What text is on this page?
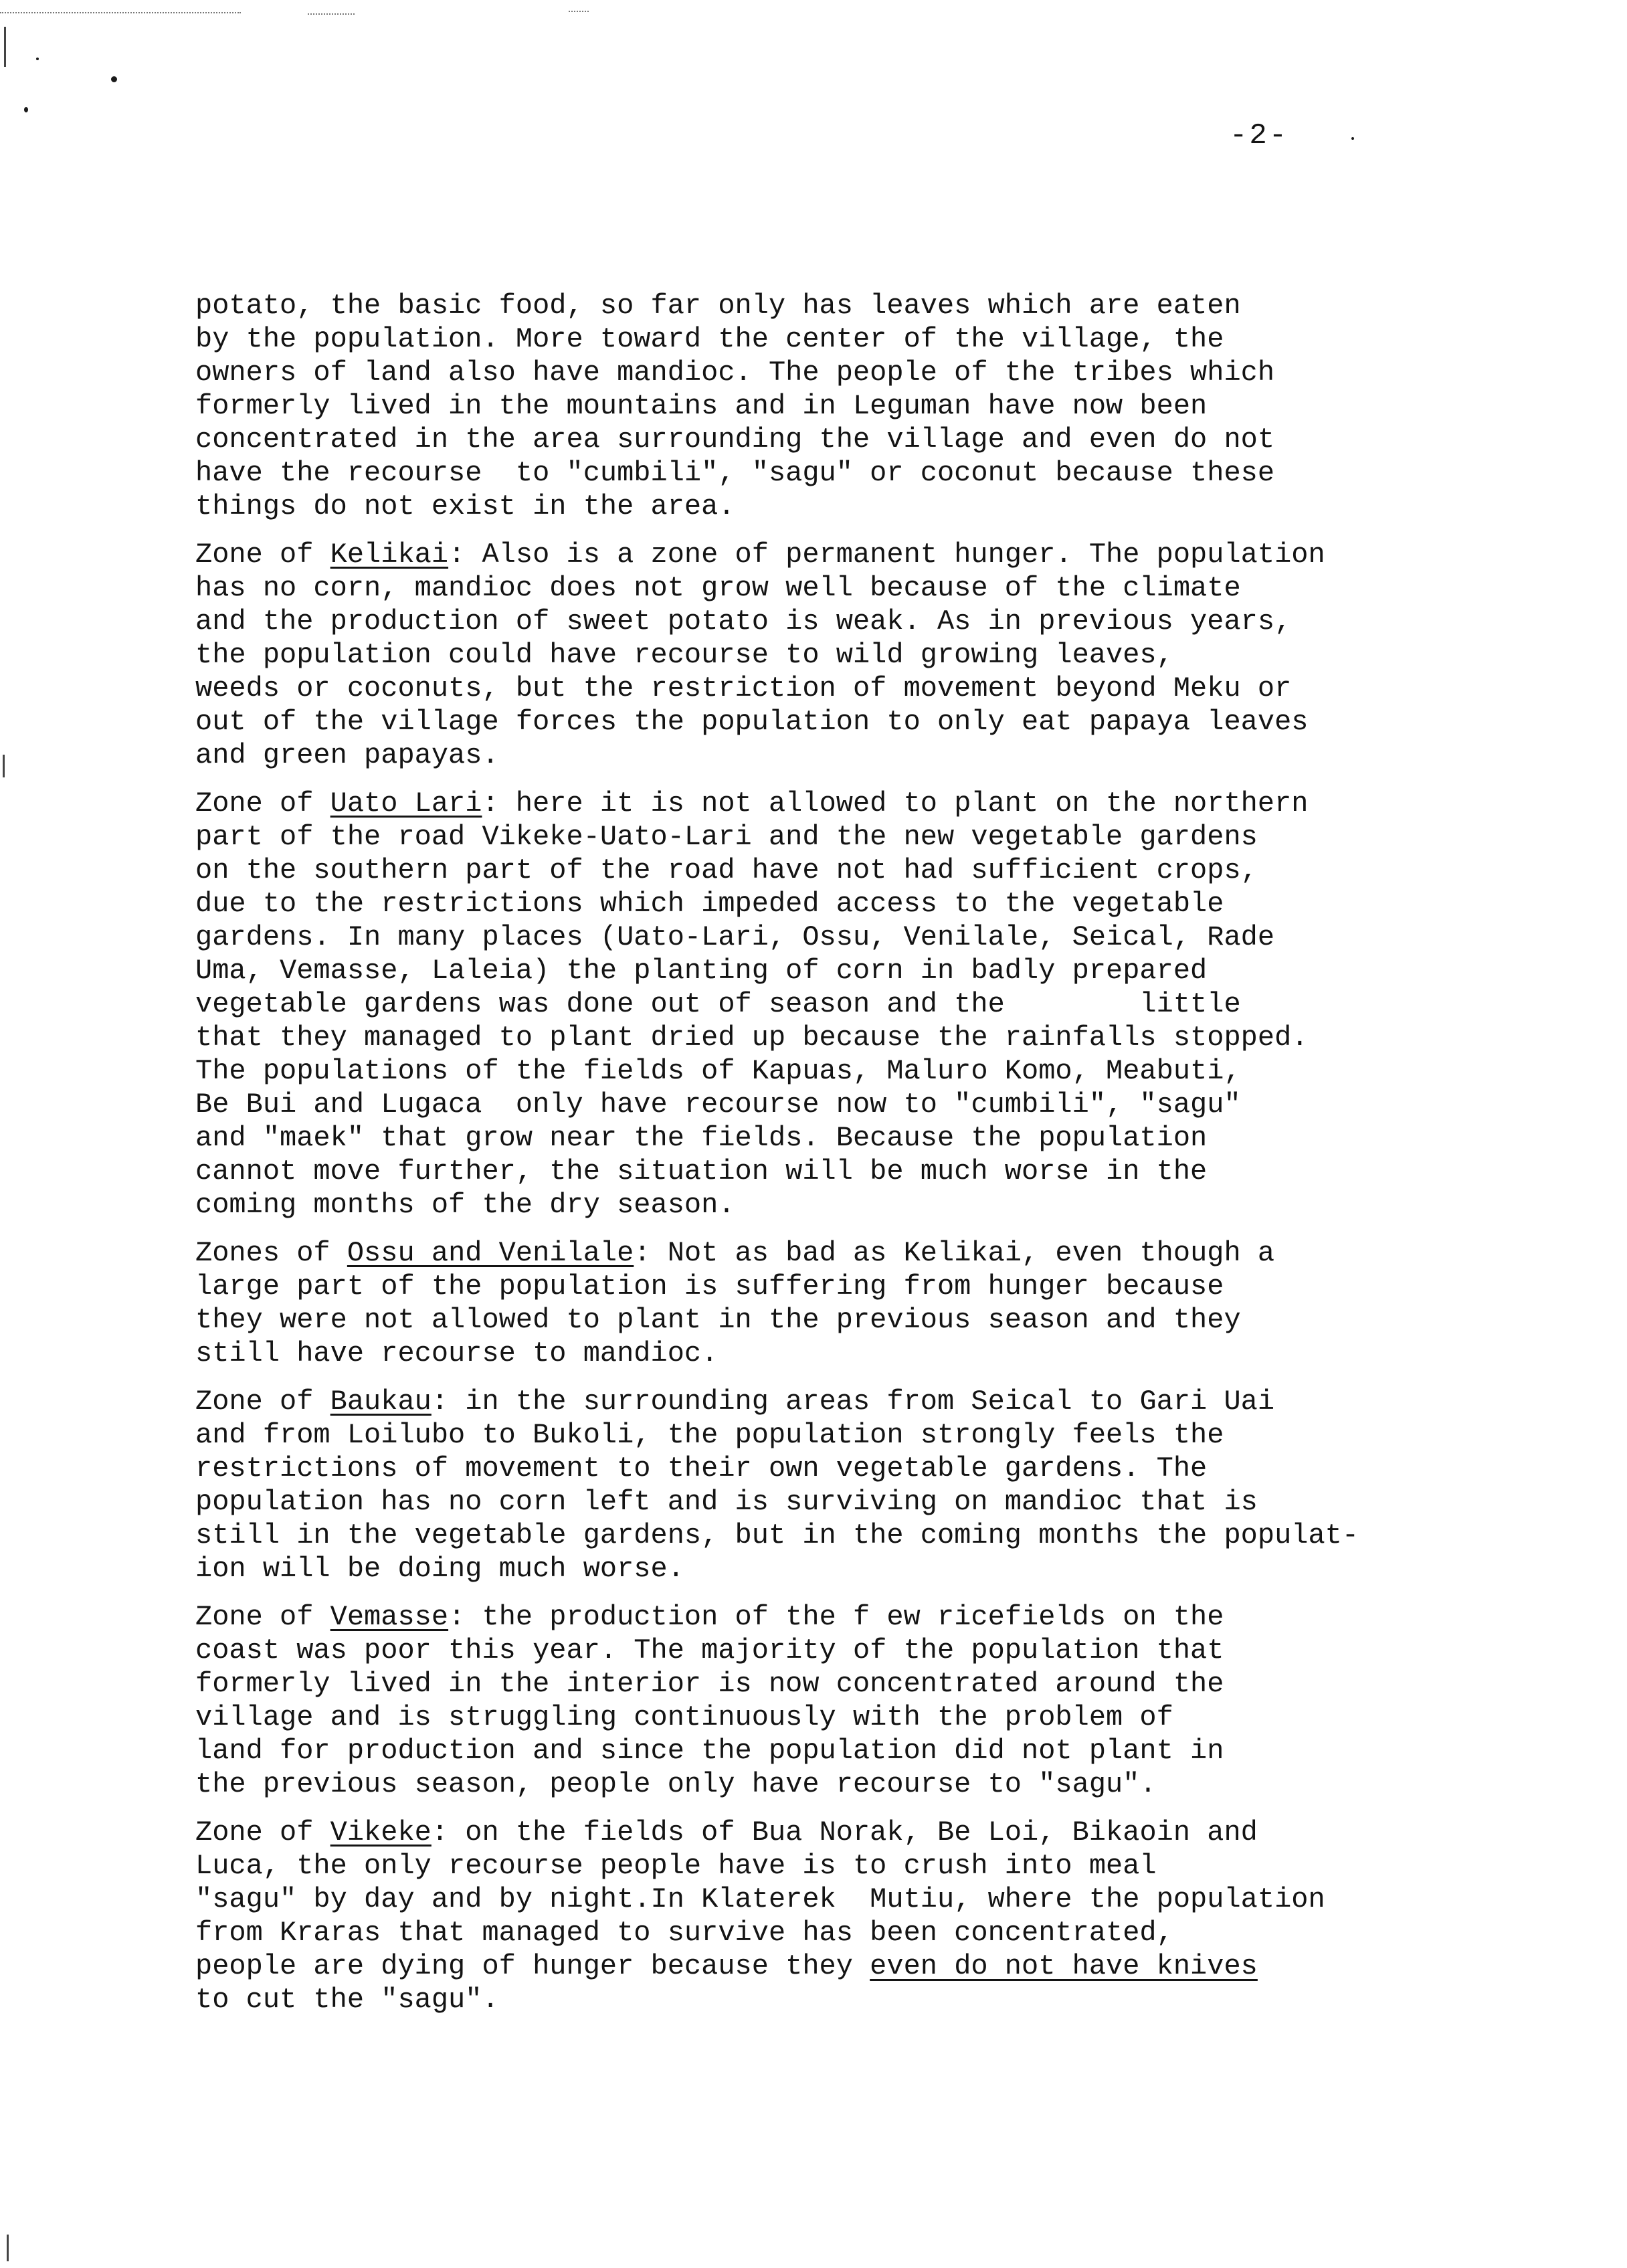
-2-
potato, the basic food, so far only has leaves which are eaten
by the population. More toward the center of the village, the
owners of land also have mandioc. The people of the tribes which
formerly lived in the mountains and in Leguman have now been
concentrated in the area surrounding the village and even do not
have the recourse  to "cumbili", "sagu" or coconut because these
things do not exist in the area.
Zone of Kelikai: Also is a zone of permanent hunger. The population
has no corn, mandioc does not grow well because of the climate
and the production of sweet potato is weak. As in previous years,
the population could have recourse to wild growing leaves,
weeds or coconuts, but the restriction of movement beyond Meku or
out of the village forces the population to only eat papaya leaves
and green papayas.
Zone of Uato Lari: here it is not allowed to plant on the northern
part of the road Vikeke-Uato-Lari and the new vegetable gardens
on the southern part of the road have not had sufficient crops,
due to the restrictions which impeded access to the vegetable
gardens. In many places (Uato-Lari, Ossu, Venilale, Seical, Rade
Uma, Vemasse, Laleia) the planting of corn in badly prepared
vegetable gardens was done out of season and the        little
that they managed to plant dried up because the rainfalls stopped.
The populations of the fields of Kapuas, Maluro Komo, Meabuti,
Be Bui and Lugaca  only have recourse now to "cumbili", "sagu"
and "maek" that grow near the fields. Because the population
cannot move further, the situation will be much worse in the
coming months of the dry season.
Zones of Ossu and Venilale: Not as bad as Kelikai, even though a
large part of the population is suffering from hunger because
they were not allowed to plant in the previous season and they
still have recourse to mandioc.
Zone of Baukau: in the surrounding areas from Seical to Gari Uai
and from Loilubo to Bukoli, the population strongly feels the
restrictions of movement to their own vegetable gardens. The
population has no corn left and is surviving on mandioc that is
still in the vegetable gardens, but in the coming months the populat-
ion will be doing much worse.
Zone of Vemasse: the production of the f ew ricefields on the
coast was poor this year. The majority of the population that
formerly lived in the interior is now concentrated around the
village and is struggling continuously with the problem of
land for production and since the population did not plant in
the previous season, people only have recourse to "sagu".
Zone of Vikeke: on the fields of Bua Norak, Be Loi, Bikaoin and
Luca, the only recourse people have is to crush into meal
"sagu" by day and by night.In Klaterek  Mutiu, where the population
from Kraras that managed to survive has been concentrated,
people are dying of hunger because they even do not have knives
to cut the "sagu".
